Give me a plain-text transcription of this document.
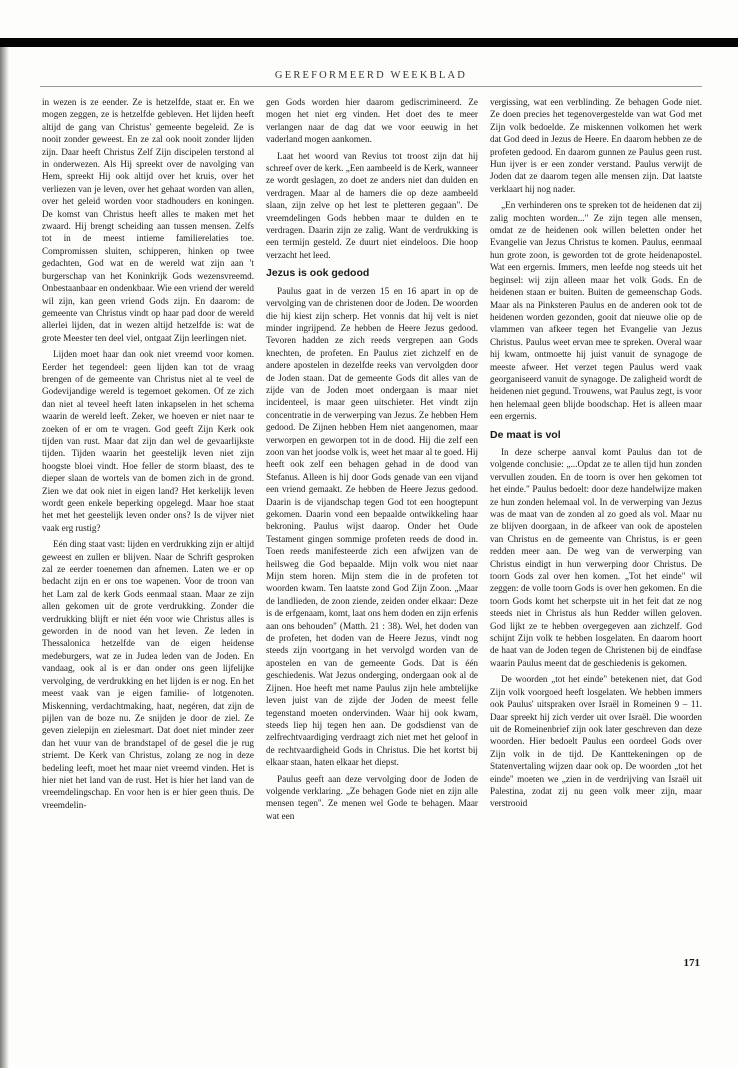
GEREFORMEERD WEEKBLAD

in wezen is ze eender. Ze is hetzelfde, staat er. En we mogen zeggen, ze is hetzelfde gebleven. Het lijden heeft altijd de gang van Christus' gemeente begeleid. Ze is nooit zonder geweest. En ze zal ook nooit zonder lijden zijn. Daar heeft Christus Zelf Zijn discipelen terstond al in onderwezen. Als Hij spreekt over de navolging van Hem, spreekt Hij ook altijd over het kruis, over het verliezen van je leven, over het gehaat worden van allen, over het geleid worden voor stadhouders en koningen. De komst van Christus heeft alles te maken met het zwaard. Hij brengt scheiding aan tussen mensen. Zelfs tot in de meest intieme familierelaties toe. Compromissen sluiten, schipperen, hinken op twee gedachten, God wat en de wereld wat zijn aan 't burgerschap van het Koninkrijk Gods wezensvreemd. Onbestaanbaar en ondenkbaar. Wie een vriend der wereld wil zijn, kan geen vriend Gods zijn. En daarom: de gemeente van Christus vindt op haar pad door de wereld allerlei lijden, dat in wezen altijd hetzelfde is: wat de grote Meester ten deel viel, ontgaat Zijn leerlingen niet.

Lijden moet haar dan ook niet vreemd voor komen. Eerder het tegendeel: geen lijden kan tot de vraag brengen of de gemeente van Christus niet al te veel de Godevijandige wereld is tegemoet gekomen. Of ze zich dan niet al teveel heeft laten inkapselen in het schema waarin de wereld leeft. Zeker, we hoeven er niet naar te zoeken of er om te vragen. God geeft Zijn Kerk ook tijden van rust. Maar dat zijn dan wel de gevaarlijkste tijden. Tijden waarin het geestelijk leven niet zijn hoogste bloei vindt. Hoe feller de storm blaast, des te dieper slaan de wortels van de bomen zich in de grond. Zien we dat ook niet in eigen land? Het kerkelijk leven wordt geen enkele beperking opgelegd. Maar hoe staat het met het geestelijk leven onder ons? Is de vijver niet vaak erg rustig?

Eén ding staat vast: lijden en verdrukking zijn er altijd geweest en zullen er blijven. Naar de Schrift gesproken zal ze eerder toenemen dan afnemen. Laten we er op bedacht zijn en er ons toe wapenen. Voor de troon van het Lam zal de kerk Gods eenmaal staan. Maar ze zijn allen gekomen uit de grote verdrukking. Zonder die verdrukking blijft er niet één voor wie Christus alles is geworden in de nood van het leven. Ze leden in Thessalonica hetzelfde van de eigen heidense medeburgers, wat ze in Judea leden van de Joden. En vandaag, ook al is er dan onder ons geen lijfelijke vervolging, de verdrukking en het lijden is er nog. En het meest vaak van je eigen familie- of lotgenoten. Miskenning, verdachtmaking, haat, negéren, dat zijn de pijlen van de boze nu. Ze snijden je door de ziel. Ze geven zielepijn en zielesmart. Dat doet niet minder zeer dan het vuur van de brandstapel of de gesel die je rug striemt. De Kerk van Christus, zolang ze nog in deze bedeling leeft, moet het maar niet vreemd vinden. Het is hier niet het land van de rust. Het is hier het land van de vreemdelingschap. En voor hen is er hier geen thuis. De vreemdelin-

gen Gods worden hier daarom gediscrimineerd. Ze mogen het niet erg vinden. Het doet des te meer verlangen naar de dag dat we voor eeuwig in het vaderland mogen aankomen.

Laat het woord van Revius tot troost zijn dat hij schreef over de kerk. „Een aambeeld is de Kerk, wanneer ze wordt geslagen, zo doet ze anders niet dan dulden en verdragen. Maar al de hamers die op deze aambeeld slaan, zijn zelve op het lest te pletteren gegaan". De vreemdelingen Gods hebben maar te dulden en te verdragen. Daarin zijn ze zalig. Want de verdrukking is een termijn gesteld. Ze duurt niet eindeloos. Die hoop verzacht het leed.

Jezus is ook gedood

Paulus gaat in de verzen 15 en 16 apart in op de vervolging van de christenen door de Joden. De woorden die hij kiest zijn scherp. Het vonnis dat hij velt is niet minder ingrijpend. Ze hebben de Heere Jezus gedood. Tevoren hadden ze zich reeds vergrepen aan Gods knechten, de profeten. En Paulus ziet zichzelf en de andere apostelen in dezelfde reeks van vervolgden door de Joden staan. Dat de gemeente Gods dit alles van de zijde van de Joden moet ondergaan is maar niet incidenteel, is maar geen uitschieter. Het vindt zijn concentratie in de verwerping van Jezus. Ze hebben Hem gedood. De Zijnen hebben Hem niet aangenomen, maar verworpen en geworpen tot in de dood. Hij die zelf een zoon van het joodse volk is, weet het maar al te goed. Hij heeft ook zelf een behagen gehad in de dood van Stefanus. Alleen is hij door Gods genade van een vijand een vriend gemaakt. Ze hebben de Heere Jezus gedood. Daarin is de vijandschap tegen God tot een hoogtepunt gekomen. Daarin vond een bepaalde ontwikkeling haar bekroning. Paulus wijst daarop. Onder het Oude Testament gingen sommige profeten reeds de dood in. Toen reeds manifesteerde zich een afwijzen van de heilsweg die God bepaalde. Mijn volk wou niet naar Mijn stem horen. Mijn stem die in de profeten tot woorden kwam. Ten laatste zond God Zijn Zoon. „Maar de landlieden, de zoon ziende, zeiden onder elkaar: Deze is de erfgenaam, komt, laat ons hem doden en zijn erfenis aan ons behouden" (Matth. 21 : 38). Wel, het doden van de profeten, het doden van de Heere Jezus, vindt nog steeds zijn voortgang in het vervolgd worden van de apostelen en van de gemeente Gods. Dat is één geschiedenis. Wat Jezus onderging, ondergaan ook al de Zijnen. Hoe heeft met name Paulus zijn hele ambtelijke leven juist van de zijde der Joden de meest felle tegenstand moeten ondervinden. Waar hij ook kwam, steeds liep hij tegen hen aan. De godsdienst van de zelfrechtvaardiging verdraagt zich niet met het geloof in de rechtvaardigheid Gods in Christus. Die het kortst bij elkaar staan, haten elkaar het diepst.

Paulus geeft aan deze vervolging door de Joden de volgende verklaring. „Ze behagen Gode niet en zijn alle mensen tegen". Ze menen wel Gode te behagen. Maar wat een

vergissing, wat een verblinding. Ze behagen Gode niet. Ze doen precies het tegenovergestelde van wat God met Zijn volk bedoelde. Ze miskennen volkomen het werk dat God deed in Jezus de Heere. En daarom hebben ze de profeten gedood. En daarom gunnen ze Paulus geen rust. Hun ijver is er een zonder verstand. Paulus verwijt de Joden dat ze daarom tegen alle mensen zijn. Dat laatste verklaart hij nog nader.

„En verhinderen ons te spreken tot de heidenen dat zij zalig mochten worden..." Ze zijn tegen alle mensen, omdat ze de heidenen ook willen beletten onder het Evangelie van Jezus Christus te komen. Paulus, eenmaal hun grote zoon, is geworden tot de grote heidenapostel. Wat een ergernis. Immers, men leefde nog steeds uit het beginsel: wij zijn alleen maar het volk Gods. En de heidenen staan er buiten. Buiten de gemeenschap Gods. Maar als na Pinksteren Paulus en de anderen ook tot de heidenen worden gezonden, gooit dat nieuwe olie op de vlammen van afkeer tegen het Evangelie van Jezus Christus. Paulus weet ervan mee te spreken. Overal waar hij kwam, ontmoette hij juist vanuit de synagoge de meeste afweer. Het verzet tegen Paulus werd vaak georganiseerd vanuit de synagoge. De zaligheid wordt de heidenen niet gegund. Trouwens, wat Paulus zegt, is voor hen helemaal geen blijde boodschap. Het is alleen maar een ergernis.

De maat is vol

In deze scherpe aanval komt Paulus dan tot de volgende conclusie: „...Opdat ze te allen tijd hun zonden vervullen zouden. En de toorn is over hen gekomen tot het einde." Paulus bedoelt: door deze handelwijze maken ze hun zonden helemaal vol. In de verwerping van Jezus was de maat van de zonden al zo goed als vol. Maar nu ze blijven doorgaan, in de afkeer van ook de apostelen van Christus en de gemeente van Christus, is er geen redden meer aan. De weg van de verwerping van Christus eindigt in hun verwerping door Christus. De toorn Gods zal over hen komen. „Tot het einde" wil zeggen: de volle toorn Gods is over hen gekomen. En die toorn Gods komt het scherpste uit in het feit dat ze nog steeds niet in Christus als hun Redder willen geloven. God lijkt ze te hebben overgegeven aan zichzelf. God schijnt Zijn volk te hebben losgelaten. En daarom hoort de haat van de Joden tegen de Christenen bij de eindfase waarin Paulus meent dat de geschiedenis is gekomen.

De woorden „tot het einde" betekenen niet, dat God Zijn volk voorgoed heeft losgelaten. We hebben immers ook Paulus' uitspraken over Israël in Romeinen 9 – 11. Daar spreekt hij zich verder uit over Israël. Die woorden uit de Romeinenbrief zijn ook later geschreven dan deze woorden. Hier bedoelt Paulus een oordeel Gods over Zijn volk in de tijd. De Kanttekeningen op de Statenvertaling wijzen daar ook op. De woorden „tot het einde" moeten we „zien in de verdrijving van Israël uit Palestina, zodat zij nu geen volk meer zijn, maar verstrooid

171
